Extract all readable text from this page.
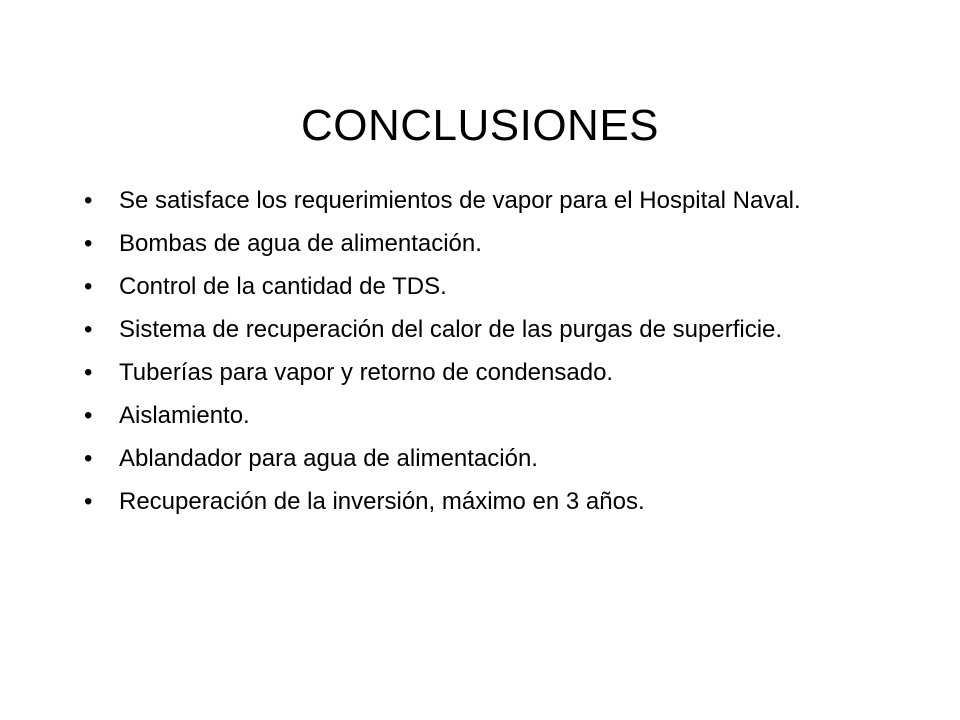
CONCLUSIONES
•	Se satisface los requerimientos de vapor para el Hospital Naval.
•	Bombas de agua de alimentación.
•	Control de la cantidad de TDS.
•	Sistema de recuperación del calor de las purgas de superficie.
•	Tuberías para vapor y retorno de condensado.
•	Aislamiento.
•	Ablandador para agua de alimentación.
•	Recuperación de la inversión, máximo en 3 años.
